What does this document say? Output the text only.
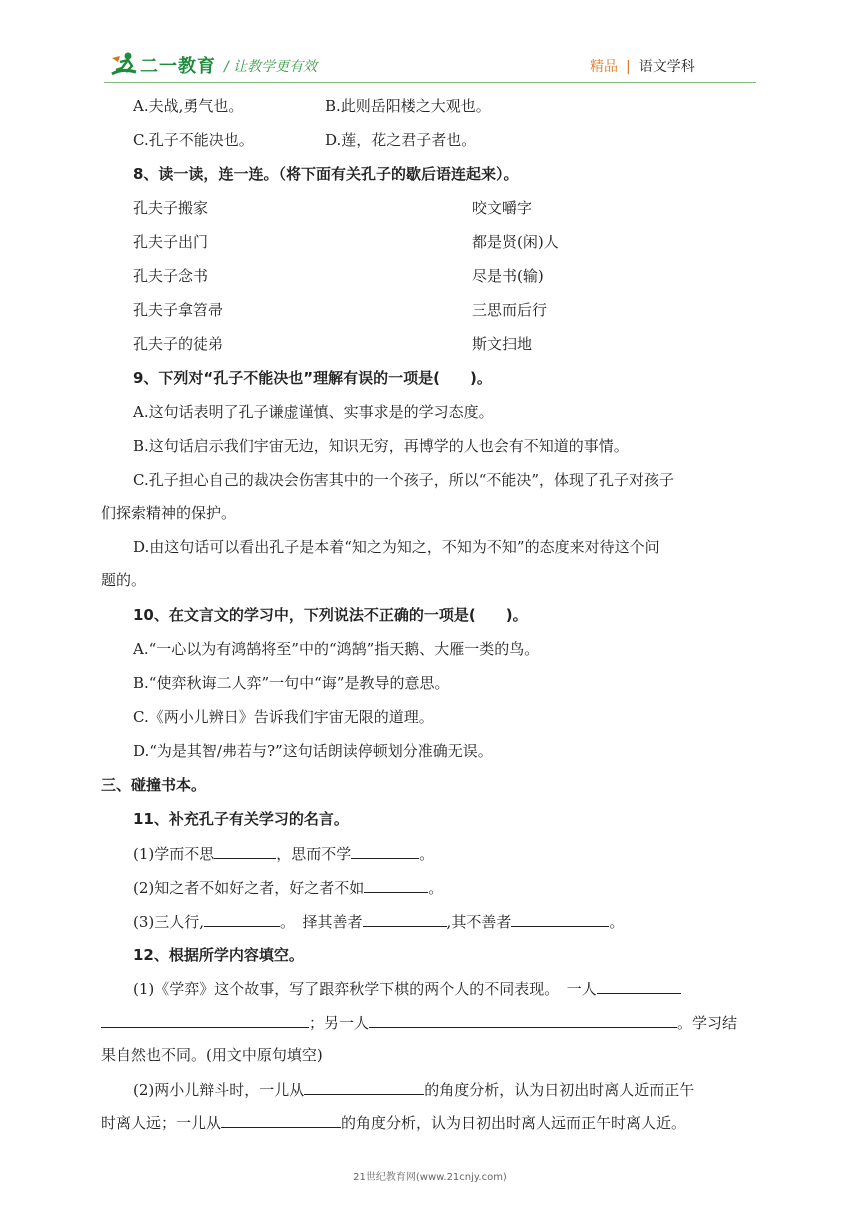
二一教育 / 让教学更有效	精品 | 语文学科
A.夫战,勇气也。	B.此则岳阳楼之大观也。
C.孔子不能决也。	D.莲，花之君子者也。
8、读一读，连一连。（将下面有关孔子的歇后语连起来）。
孔夫子搬家	咬文嚼字
孔夫子出门	都是贤(闲)人
孔夫子念书	尽是书(输)
孔夫子拿笤帚	三思而后行
孔夫子的徒弟	斯文扫地
9、下列对“孔子不能决也”理解有误的一项是(　　)。
A.这句话表明了孔子谦虚谨慎、实事求是的学习态度。
B.这句话启示我们宇宙无边，知识无穷，再博学的人也会有不知道的事情。
C.孔子担心自己的裁决会伤害其中的一个孩子，所以“不能决”，体现了孔子对孩子
们探索精神的保护。
D.由这句话可以看出孔子是本着“知之为知之，不知为不知”的态度来对待这个问
题的。
10、在文言文的学习中，下列说法不正确的一项是(　　)。
A.“一心以为有鸿鹄将至”中的“鸿鹄”指天鹅、大雁一类的鸟。
B.“使弈秋诲二人弈”一句中“诲”是教导的意思。
C.《两小儿辨日》告诉我们宇宙无限的道理。
D.“为是其智/弗若与?”这句话朗读停顿划分准确无误。
三、碰撞书本。
11、补充孔子有关学习的名言。
(1)学而不思	，思而不学	。
(2)知之者不如好之者，好之者不如	。
(3)三人行,	。　择其善者	,其不善者	。
12、根据所学内容填空。
(1)《学弈》这个故事，写了跟弈秋学下棋的两个人的不同表现。　一人
；另一人	。学习结
果自然也不同。(用文中原句填空)
(2)两小儿辩斗时，一儿从	的角度分析，认为日初出时离人近而正午
时离人远；一儿从	的角度分析，认为日初出时离人远而正午时离人近。
21世纪教育网(www.21cnjy.com)
